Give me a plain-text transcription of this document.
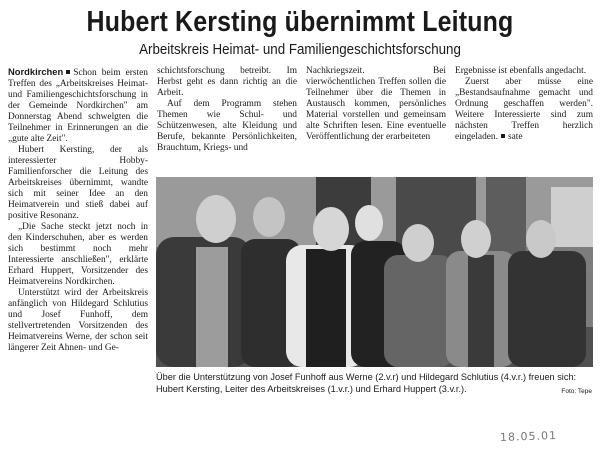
Hubert Kersting übernimmt Leitung
Arbeitskreis Heimat- und Familiengeschichtsforschung

Nordkirchen Schon beim ersten Treffen des „Arbeitskreises Heimat- und Familiengeschichtsforschung in der Gemeinde Nordkirchen" am Donnerstag Abend schwelgten die Teilnehmer in Erinnerungen an die „gute alte Zeit".

Hubert Kersting, der als interessierter Hobby-Familienforscher die Leitung des Arbeitskreises übernimmt, wandte sich mit seiner Idee an den Heimatverein und stieß dabei auf positive Resonanz.

„Die Sache steckt jetzt noch in den Kinderschuhen, aber es werden sich bestimmt noch mehr Interessierte anschließen", erklärte Erhard Huppert, Vorsitzender des Heimatvereins Nordkirchen.

Unterstützt wird der Arbeitskreis anfänglich von Hildegard Schlutius und Josef Funhoff, dem stellvertretenden Vorsitzenden des Heimatvereins Werne, der schon seit längerer Zeit Ahnen- und Ge-

schichtsforschung betreibt. Im Herbst geht es dann richtig an die Arbeit.

Auf dem Programm stehen Themen wie Schul- und Schützenwesen, alte Kleidung und Berufe, bekannte Persönlichkeiten, Brauchtum, Kriegs- und

Nachkriegszeit. Bei vierwöchentlichen Treffen sollen die Teilnehmer über die Themen in Austausch kommen, persönliches Material vorstellen und gemeinsam alte Schriften lesen. Eine eventuelle Veröffentlichung der erarbeiteten

Ergebnisse ist ebenfalls angedacht.

Zuerst aber müsse eine „Bestandsaufnahme gemacht und Ordnung geschaffen werden". Weitere Interessierte sind zum nächsten Treffen herzlich eingeladen. sate

Über die Unterstützung von Josef Funhoff aus Werne (2.v.r) und Hildegard Schlutius (4.v.r.) freuen sich: Hubert Kersting, Leiter des Arbeitskreises (1.v.r.) und Erhard Huppert (3.v.r.).	Foto: Tepe
18.05.01
